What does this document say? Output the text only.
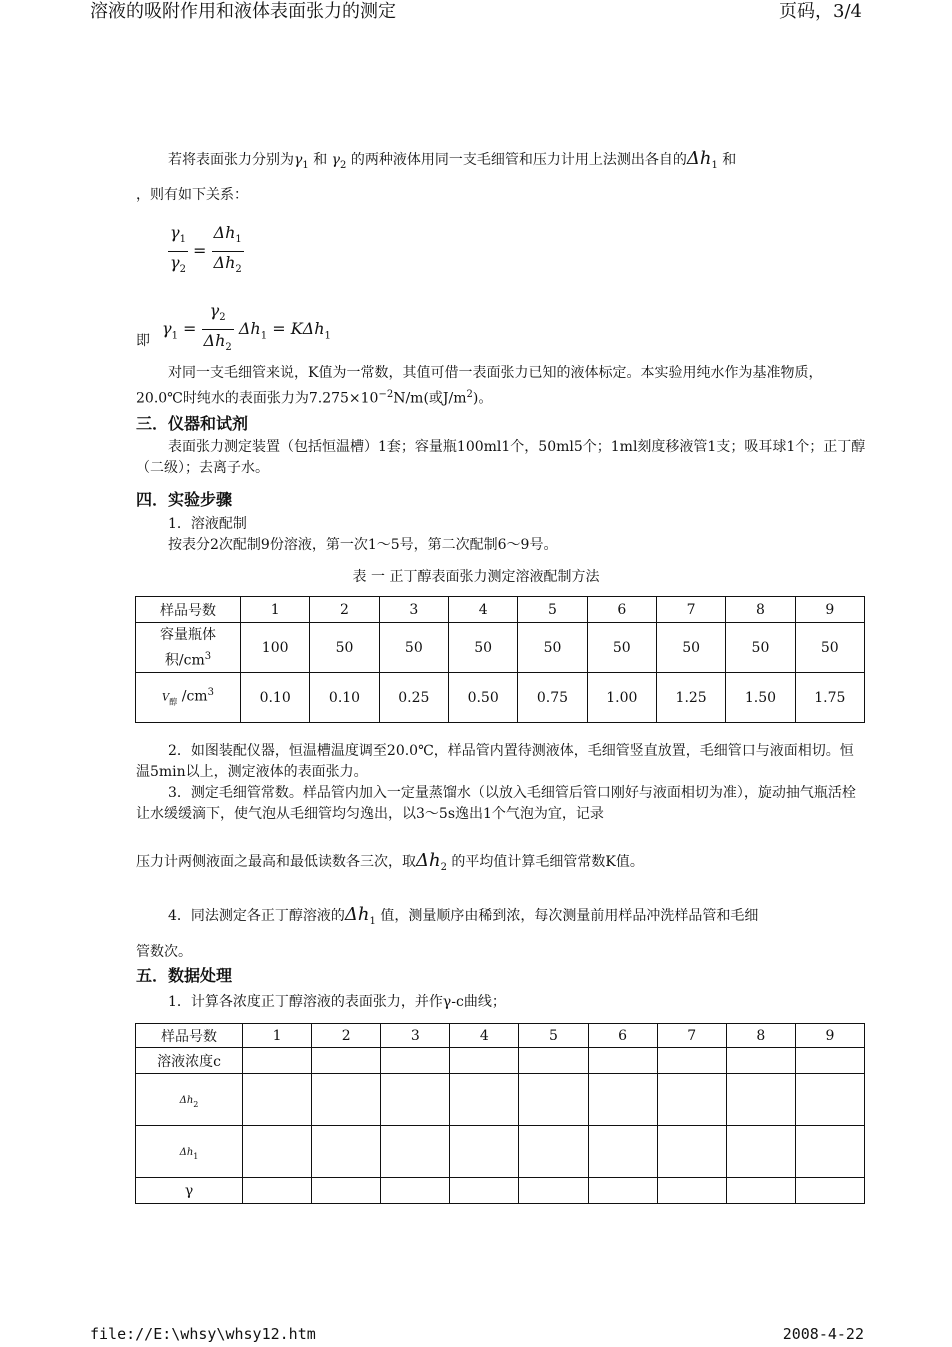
溶液的吸附作用和液体表面张力的测定	页码，3/4

若将表面张力分别为$\gamma_1$ 和 $\gamma_2$ 的两种液体用同一支毛细管和压力计用上法测出各自的$\Delta h_1$ 和

，则有如下关系：

$\frac{\gamma_1}{\gamma_2} = \frac{\Delta h_1}{\Delta h_2}$
即
$\gamma_1 = \frac{\gamma_2}{\Delta h_2} \Delta h_1 = K\Delta h_1$

对同一支毛细管来说，K值为一常数，其值可借一表面张力已知的液体标定。本实验用纯水作为基准物质，20.0℃时纯水的表面张力为$7.275\times 10^{-2}N/m$(或$J/m^2$)。

三．仪器和试剂

表面张力测定装置（包括恒温槽）1套；容量瓶100ml1个，50ml5个；1ml刻度移液管1支；吸耳球1个；正丁醇（二级）；去离子水。

四．实验步骤

1．溶液配制

按表分2次配制9份溶液，第一次1～5号，第二次配制6～9号。

表 一 正丁醇表面张力测定溶液配制方法
样品号数	1	2	3	4	5	6	7	8	9
容量瓶体
积$/cm^3$	100	50	50	50	50	50	50	50	50
$V_醇$ $/cm^3$	0.10	0.10	0.25	0.50	0.75	1.00	1.25	1.50	1.75

2．如图装配仪器，恒温槽温度调至20.0℃，样品管内置待测液体，毛细管竖直放置，毛细管口与液面相切。恒温5min以上，测定液体的表面张力。

3．测定毛细管常数。样品管内加入一定量蒸馏水（以放入毛细管后管口刚好与液面相切为准），旋动抽气瓶活栓让水缓缓滴下，使气泡从毛细管均匀逸出，以3～5s逸出1个气泡为宜，记录

压力计两侧液面之最高和最低读数各三次，取$\Delta h_2$ 的平均值计算毛细管常数K值。

4．同法测定各正丁醇溶液的$\Delta h_1$ 值，测量顺序由稀到浓，每次测量前用样品冲洗样品管和毛细

管数次。

五．数据处理

1．计算各浓度正丁醇溶液的表面张力，并作γ-c曲线；

样品号数	1	2	3	4	5	6	7	8	9
溶液浓度c									
$\Delta h_2$									
$\Delta h_1$									
γ									
file://E:\whsy\whsy12.htm	2008-4-22
